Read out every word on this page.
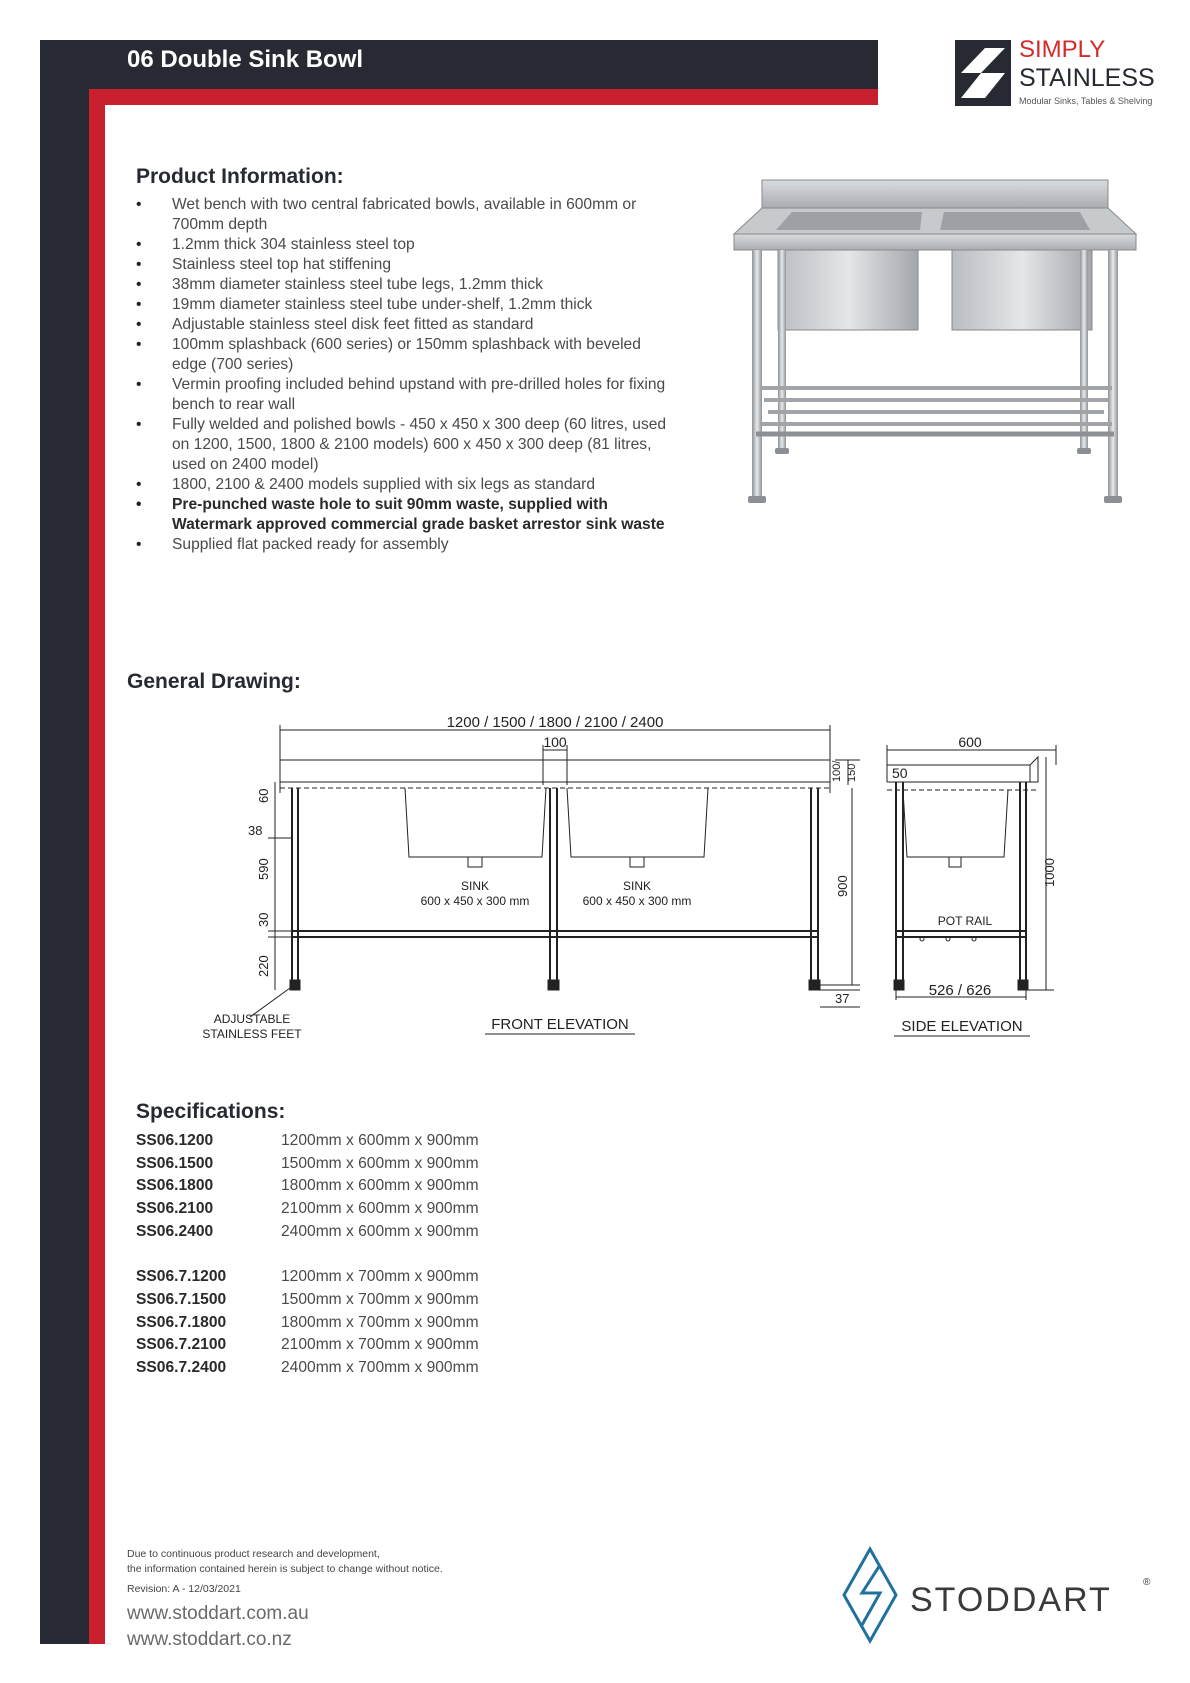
06 Double Sink Bowl	SIMPLY
STAINLESS
Modular Sinks, Tables & Shelving
Product Information:
• Wet bench with two central fabricated bowls, available in 600mm or
700mm depth
• 1.2mm thick 304 stainless steel top
• Stainless steel top hat stiffening
• 38mm diameter stainless steel tube legs, 1.2mm thick
• 19mm diameter stainless steel tube under-shelf, 1.2mm thick
• Adjustable stainless steel disk feet fitted as standard
• 100mm splashback (600 series) or 150mm splashback with beveled
edge (700 series)
• Vermin proofing included behind upstand with pre-drilled holes for fixing
bench to rear wall
• Fully welded and polished bowls - 450 x 450 x 300 deep (60 litres, used
on 1200, 1500, 1800 & 2100 models) 600 x 450 x 300 deep (81 litres,
used on 2400 model)
• 1800, 2100 & 2400 models supplied with six legs as standard
• Pre-punched waste hole to suit 90mm waste, supplied with
Watermark approved commercial grade basket arrestor sink waste
• Supplied flat packed ready for assembly
General Drawing:
1200 / 1500 / 1800 / 2100 / 2400
100
100/ 150
60
38
590
30
220
SINK
600 x 450 x 300 mm
SINK
600 x 450 x 300 mm
900
37
ADJUSTABLE
STAINLESS FEET
FRONT ELEVATION
600
50
POT RAIL
1000
526 / 626
SIDE ELEVATION
Specifications:
SS06.1200	1200mm x 600mm x 900mm
SS06.1500	1500mm x 600mm x 900mm
SS06.1800	1800mm x 600mm x 900mm
SS06.2100	2100mm x 600mm x 900mm
SS06.2400	2400mm x 600mm x 900mm
SS06.7.1200	1200mm x 700mm x 900mm
SS06.7.1500	1500mm x 700mm x 900mm
SS06.7.1800	1800mm x 700mm x 900mm
SS06.7.2100	2100mm x 700mm x 900mm
SS06.7.2400	2400mm x 700mm x 900mm
Due to continuous product research and development,
the information contained herein is subject to change without notice.
Revision: A - 12/03/2021
www.stoddart.com.au
www.stoddart.co.nz
STODDART	®
